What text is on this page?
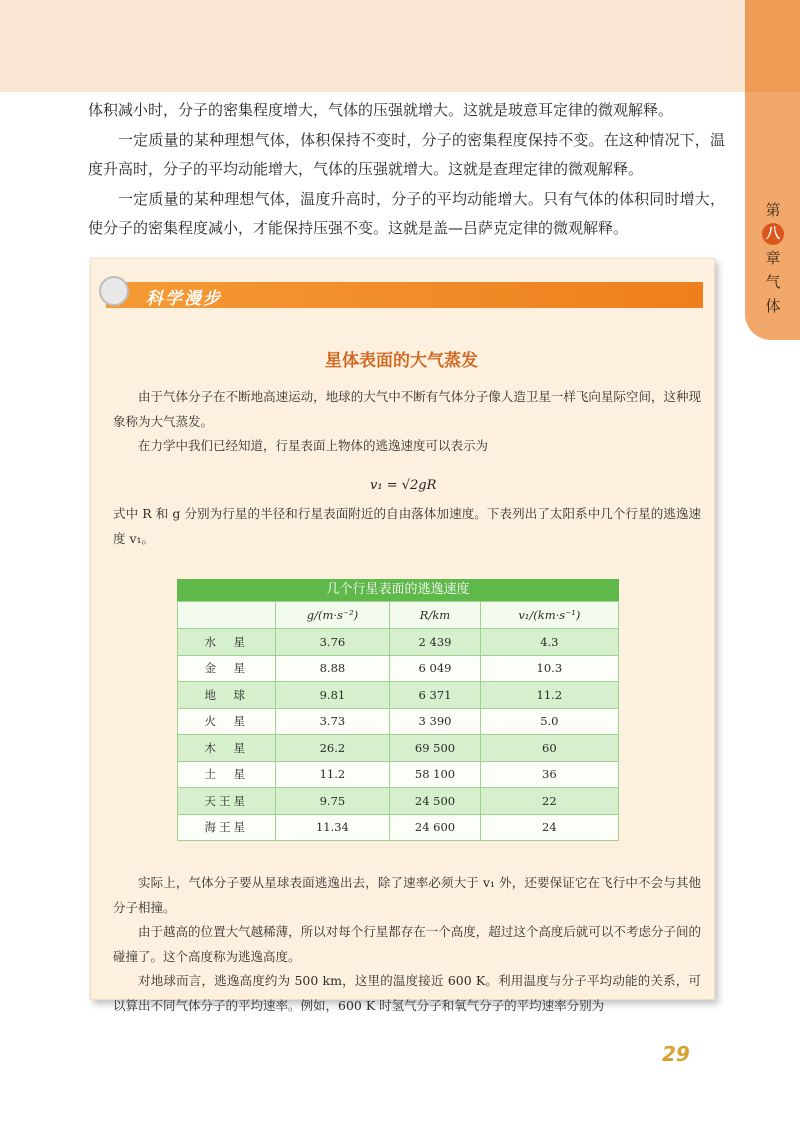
第
八
章
气
体

体积减小时，分子的密集程度增大，气体的压强就增大。这就是玻意耳定律的微观解释。

一定质量的某种理想气体，体积保持不变时，分子的密集程度保持不变。在这种情况下，温度升高时，分子的平均动能增大，气体的压强就增大。这就是查理定律的微观解释。

一定质量的某种理想气体，温度升高时，分子的平均动能增大。只有气体的体积同时增大，使分子的密集程度减小，才能保持压强不变。这就是盖—吕萨克定律的微观解释。

科学漫步
星体表面的大气蒸发

由于气体分子在不断地高速运动，地球的大气中不断有气体分子像人造卫星一样飞向星际空间，这种现象称为大气蒸发。

在力学中我们已经知道，行星表面上物体的逃逸速度可以表示为

v₁ = √2gR

式中 R 和 g 分别为行星的半径和行星表面附近的自由落体加速度。下表列出了太阳系中几个行星的逃逸速度 v₁。

几个行星表面的逃逸速度
	g/(m·s⁻²)	R/km	v₁/(km·s⁻¹)
水　星	3.76	2 439	4.3
金　星	8.88	6 049	10.3
地　球	9.81	6 371	11.2
火　星	3.73	3 390	5.0
木　星	26.2	69 500	60
土　星	11.2	58 100	36
天王星	9.75	24 500	22
海王星	11.34	24 600	24

实际上，气体分子要从星球表面逃逸出去，除了速率必须大于 v₁ 外，还要保证它在飞行中不会与其他分子相撞。

由于越高的位置大气越稀薄，所以对每个行星都存在一个高度，超过这个高度后就可以不考虑分子间的碰撞了。这个高度称为逃逸高度。

对地球而言，逃逸高度约为 500 km，这里的温度接近 600 K。利用温度与分子平均动能的关系，可以算出不同气体分子的平均速率。例如，600 K 时氢气分子和氧气分子的平均速率分别为

29
